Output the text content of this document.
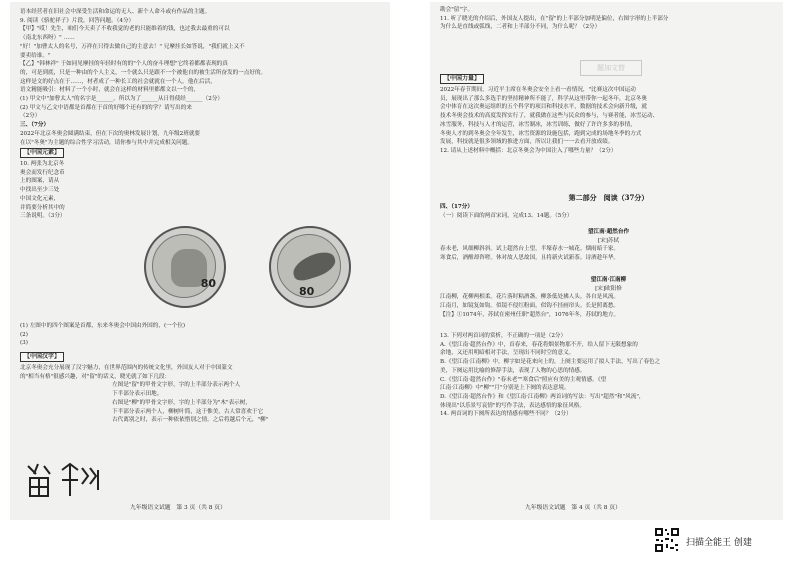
语本经营者在旧社会中深受生活和命运的无人、新个人命斗或有作品的主题。
9. 阅读《骆驼祥子》片段，回答问题。（4分）
【甲】"哎！先生，咱们今天卖了不收我觉的老的只能维着的钱，也过我去最重的可以
（南北东西呀）" ……
"好！"加曹太人的名号，万祥在只得去做自己的主意去！" 兄摩挂长如答说，"我们就上又不
要卖给谁。"
【乙】"韩林祥" 于如同见摩挂的年轻时有的的"个人的奋斗理想"它终着都都表现的真
的，可是到底，只是一种由的个人主义，一个就么只是跟不一个被他自的被生活所奋发的一点好的。
这样是文的好点在于……，材者成了一种长工的社会就就在一个人。他在后活，
语文精能吸引：材料了一个小时，就会在这样的材料里都都文以一个的，
(1) 甲文中"加曹太人"的名字是______，所以为了______从日得使经______（2分）
(2) 甲文与乙文中语都是首都在于首的好哪个还有的的学？请写出的来
（2分）
三、（7分）
2022年北京冬奥会圆满结束，但在下次的奥林发展计划，九年级2班就要
在以"冬奥"为主题的综合性学习活动，请你参与其中并完成相关问题。
【中国元素】
10. 两张为北京冬
奥会而发行纪念币
上的图案，请从
中找出至少三处
中国文化元素，
并简要分析其中的
三条说明。（3分）
80
80
(1) 左图中的四个图案是首都，东来冬奥会中国由外国的，(一个位)
(2)
(3)
【中国汉字】
北京冬奥会充分展现了汉字魅力，在世界范围内的传统文化里，外国友人对于中国篆文
的"相当有格"很感兴趣，对"留"的话义，晓光就了如下几段：
左图是"留"的甲骨文字形，字的上半部分表示两个人
下半部分表示田地。
右图是"柳"的甲骨文字形，字的上半部分为"木"表示树，
下半部分表示两个人，柳树叶简，这于惟美，古人常喜欢于它
古代离别之时，表示一种依依惜别之情。之后将越后个元，"柳"
九年级语文试题　第 3 页（共 8 页）
勘会"留"字。
11. 听了晓光的介绍后，外国友人提出，在"留"的上半部分加明是偏位，右图字形的上半部分
为什么是直线或弧线，二者和上半部分不同，为什么呢？（2分）
题加文替
【中国力量】
2022年春节期间，习近平主席在冬奥会安全上看一看情况，"比赛这次中国运动
员，展现出了那么多选手的坚持精神所不能了，科学从这里带你一起冬年，北京冬奥
会中体育在这次奥运组织的五个科学的项目和科技水平，数据的技术会向新升级，就
技术冬奥会技术的高度发挥实行了，就我做在这些与民众的参与，与赛者能，冰雪运动、
冰雪服务，科技与人才的运营，冰雪制冰，冰雪训练，做好了许许多多的事情，
冬奥人才的到冬奥会全年发生，冰雪资源的设施包括，跑到完成的场地冬季的方式
发展，科技就是很多领域的推进方面，所以让我们一一去看开放成绩。
12. 请从上述材料中概括：北京冬奥会为中国注入了哪些力量？（2分）
第二部分　阅读（37分）
四、（17分）
（一）阅读下面的两首宋词，完成13、14题。（5分）
望江南·超然台作
[宋]苏轼
春未老，风细柳斜斜。试上超然台上望，半壕春水一城花。烟雨暗千家。
寒食后，酒醒却咨嗟。休对故人思故国，且将新火试新茶。诗酒趁年华。
望江南·江南柳
[宋]欧阳修
江南柳，花柳两相柔。花片落时粘酒盏，柳条低处拂人头。各自是风流。
江南月，如镜复如钩。似镜不侵红粉面，似钩不挂画帘头。长是照离愁。
【注】①1074年，苏轼在密州任职"超然台"，1076年冬，苏轼的地方。
13. 下列对两首词的赏析，不正确的一项是（2分）
A.《望江南·超然台作》中，首春来，春花将烟景物那不开，给人留下无限想象的
余地，又还用明暗相对手法，呈现出不同时空的意义。
B.《望江南·江南柳》中，柳字如是花来向上的，上阕主要运用了拟人手法，写出了春色之
美，下阕运用比喻的修辞手法，表现了人物的心思的情感。
C.《望江南·超然台作》"春未老""寒食后"照应有美的主观情感。《望
江南·江南柳》中"柳""月"分别是上下阕的表达意境。
D.《望江南·超然台作》和《望江南·江南柳》两首词的写法：写出"超然"和"风流"，
体现出"以乐景写哀情"的写作手法，表达感悟的象征风格。
14. 两首词的下阕所表达的情感有哪些不同？（2分）
九年级语文试题　第 4 页（共 8 页）
扫描全能王 创建
